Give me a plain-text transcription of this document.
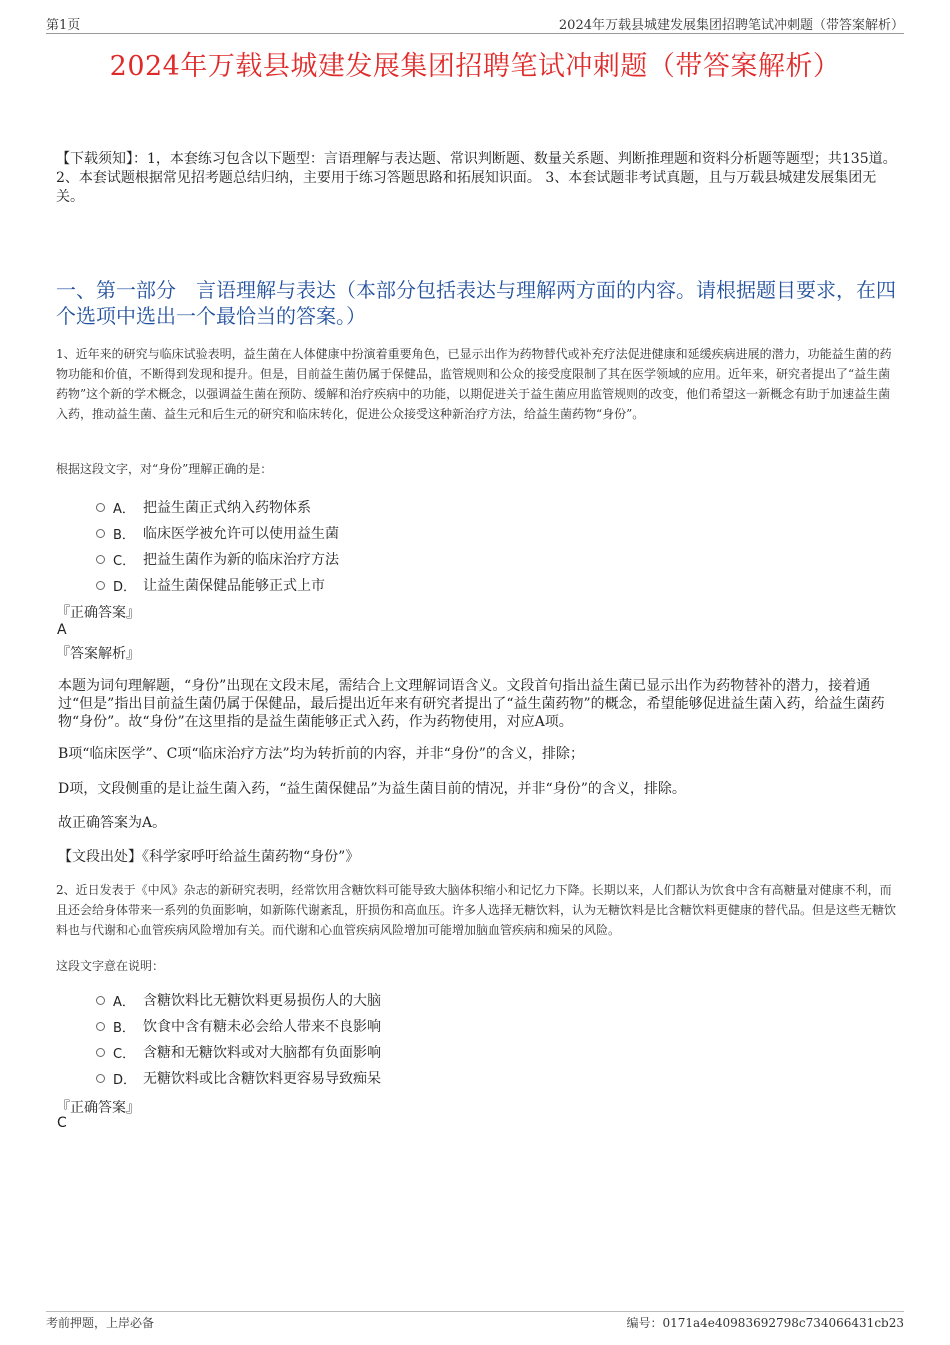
第1页	2024年万载县城建发展集团招聘笔试冲刺题（带答案解析）
2024年万载县城建发展集团招聘笔试冲刺题（带答案解析）
【下载须知】：1，本套练习包含以下题型：言语理解与表达题、常识判断题、数量关系题、判断推理题和资料分析题等题型；共135道。 2、本套试题根据常见招考题总结归纳，主要用于练习答题思路和拓展知识面。 3、本套试题非考试真题，且与万载县城建发展集团无关。
一、第一部分　言语理解与表达（本部分包括表达与理解两方面的内容。请根据题目要求，在四个选项中选出一个最恰当的答案。）
1、近年来的研究与临床试验表明，益生菌在人体健康中扮演着重要角色，已显示出作为药物替代或补充疗法促进健康和延缓疾病进展的潜力，功能益生菌的药物功能和价值，不断得到发现和提升。但是，目前益生菌仍属于保健品，监管规则和公众的接受度限制了其在医学领域的应用。近年来，研究者提出了“益生菌药物”这个新的学术概念，以强调益生菌在预防、缓解和治疗疾病中的功能，以期促进关于益生菌应用监管规则的改变，他们希望这一新概念有助于加速益生菌入药，推动益生菌、益生元和后生元的研究和临床转化，促进公众接受这种新治疗方法，给益生菌药物“身份”。
根据这段文字，对“身份”理解正确的是：
A． 把益生菌正式纳入药物体系
B． 临床医学被允许可以使用益生菌
C． 把益生菌作为新的临床治疗方法
D． 让益生菌保健品能够正式上市
『正确答案』
A
『答案解析』
本题为词句理解题，“身份”出现在文段末尾，需结合上文理解词语含义。文段首句指出益生菌已显示出作为药物替补的潜力，接着通过“但是”指出目前益生菌仍属于保健品，最后提出近年来有研究者提出了“益生菌药物”的概念，希望能够促进益生菌入药，给益生菌药物“身份”。故“身份”在这里指的是益生菌能够正式入药，作为药物使用，对应A项。
B项“临床医学”、C项“临床治疗方法”均为转折前的内容，并非“身份”的含义，排除；
D项，文段侧重的是让益生菌入药，“益生菌保健品”为益生菌目前的情况，并非“身份”的含义，排除。
故正确答案为A。
【文段出处】《科学家呼吁给益生菌药物“身份”》
2、近日发表于《中风》杂志的新研究表明，经常饮用含糖饮料可能导致大脑体积缩小和记忆力下降。长期以来，人们都认为饮食中含有高糖量对健康不利，而且还会给身体带来一系列的负面影响，如新陈代谢紊乱，肝损伤和高血压。许多人选择无糖饮料，认为无糖饮料是比含糖饮料更健康的替代品。但是这些无糖饮料也与代谢和心血管疾病风险增加有关。而代谢和心血管疾病风险增加可能增加脑血管疾病和痴呆的风险。
这段文字意在说明：
A． 含糖饮料比无糖饮料更易损伤人的大脑
B． 饮食中含有糖未必会给人带来不良影响
C． 含糖和无糖饮料或对大脑都有负面影响
D． 无糖饮料或比含糖饮料更容易导致痴呆
『正确答案』
C
考前押题，上岸必备	编号：0171a4e40983692798c734066431cb23
